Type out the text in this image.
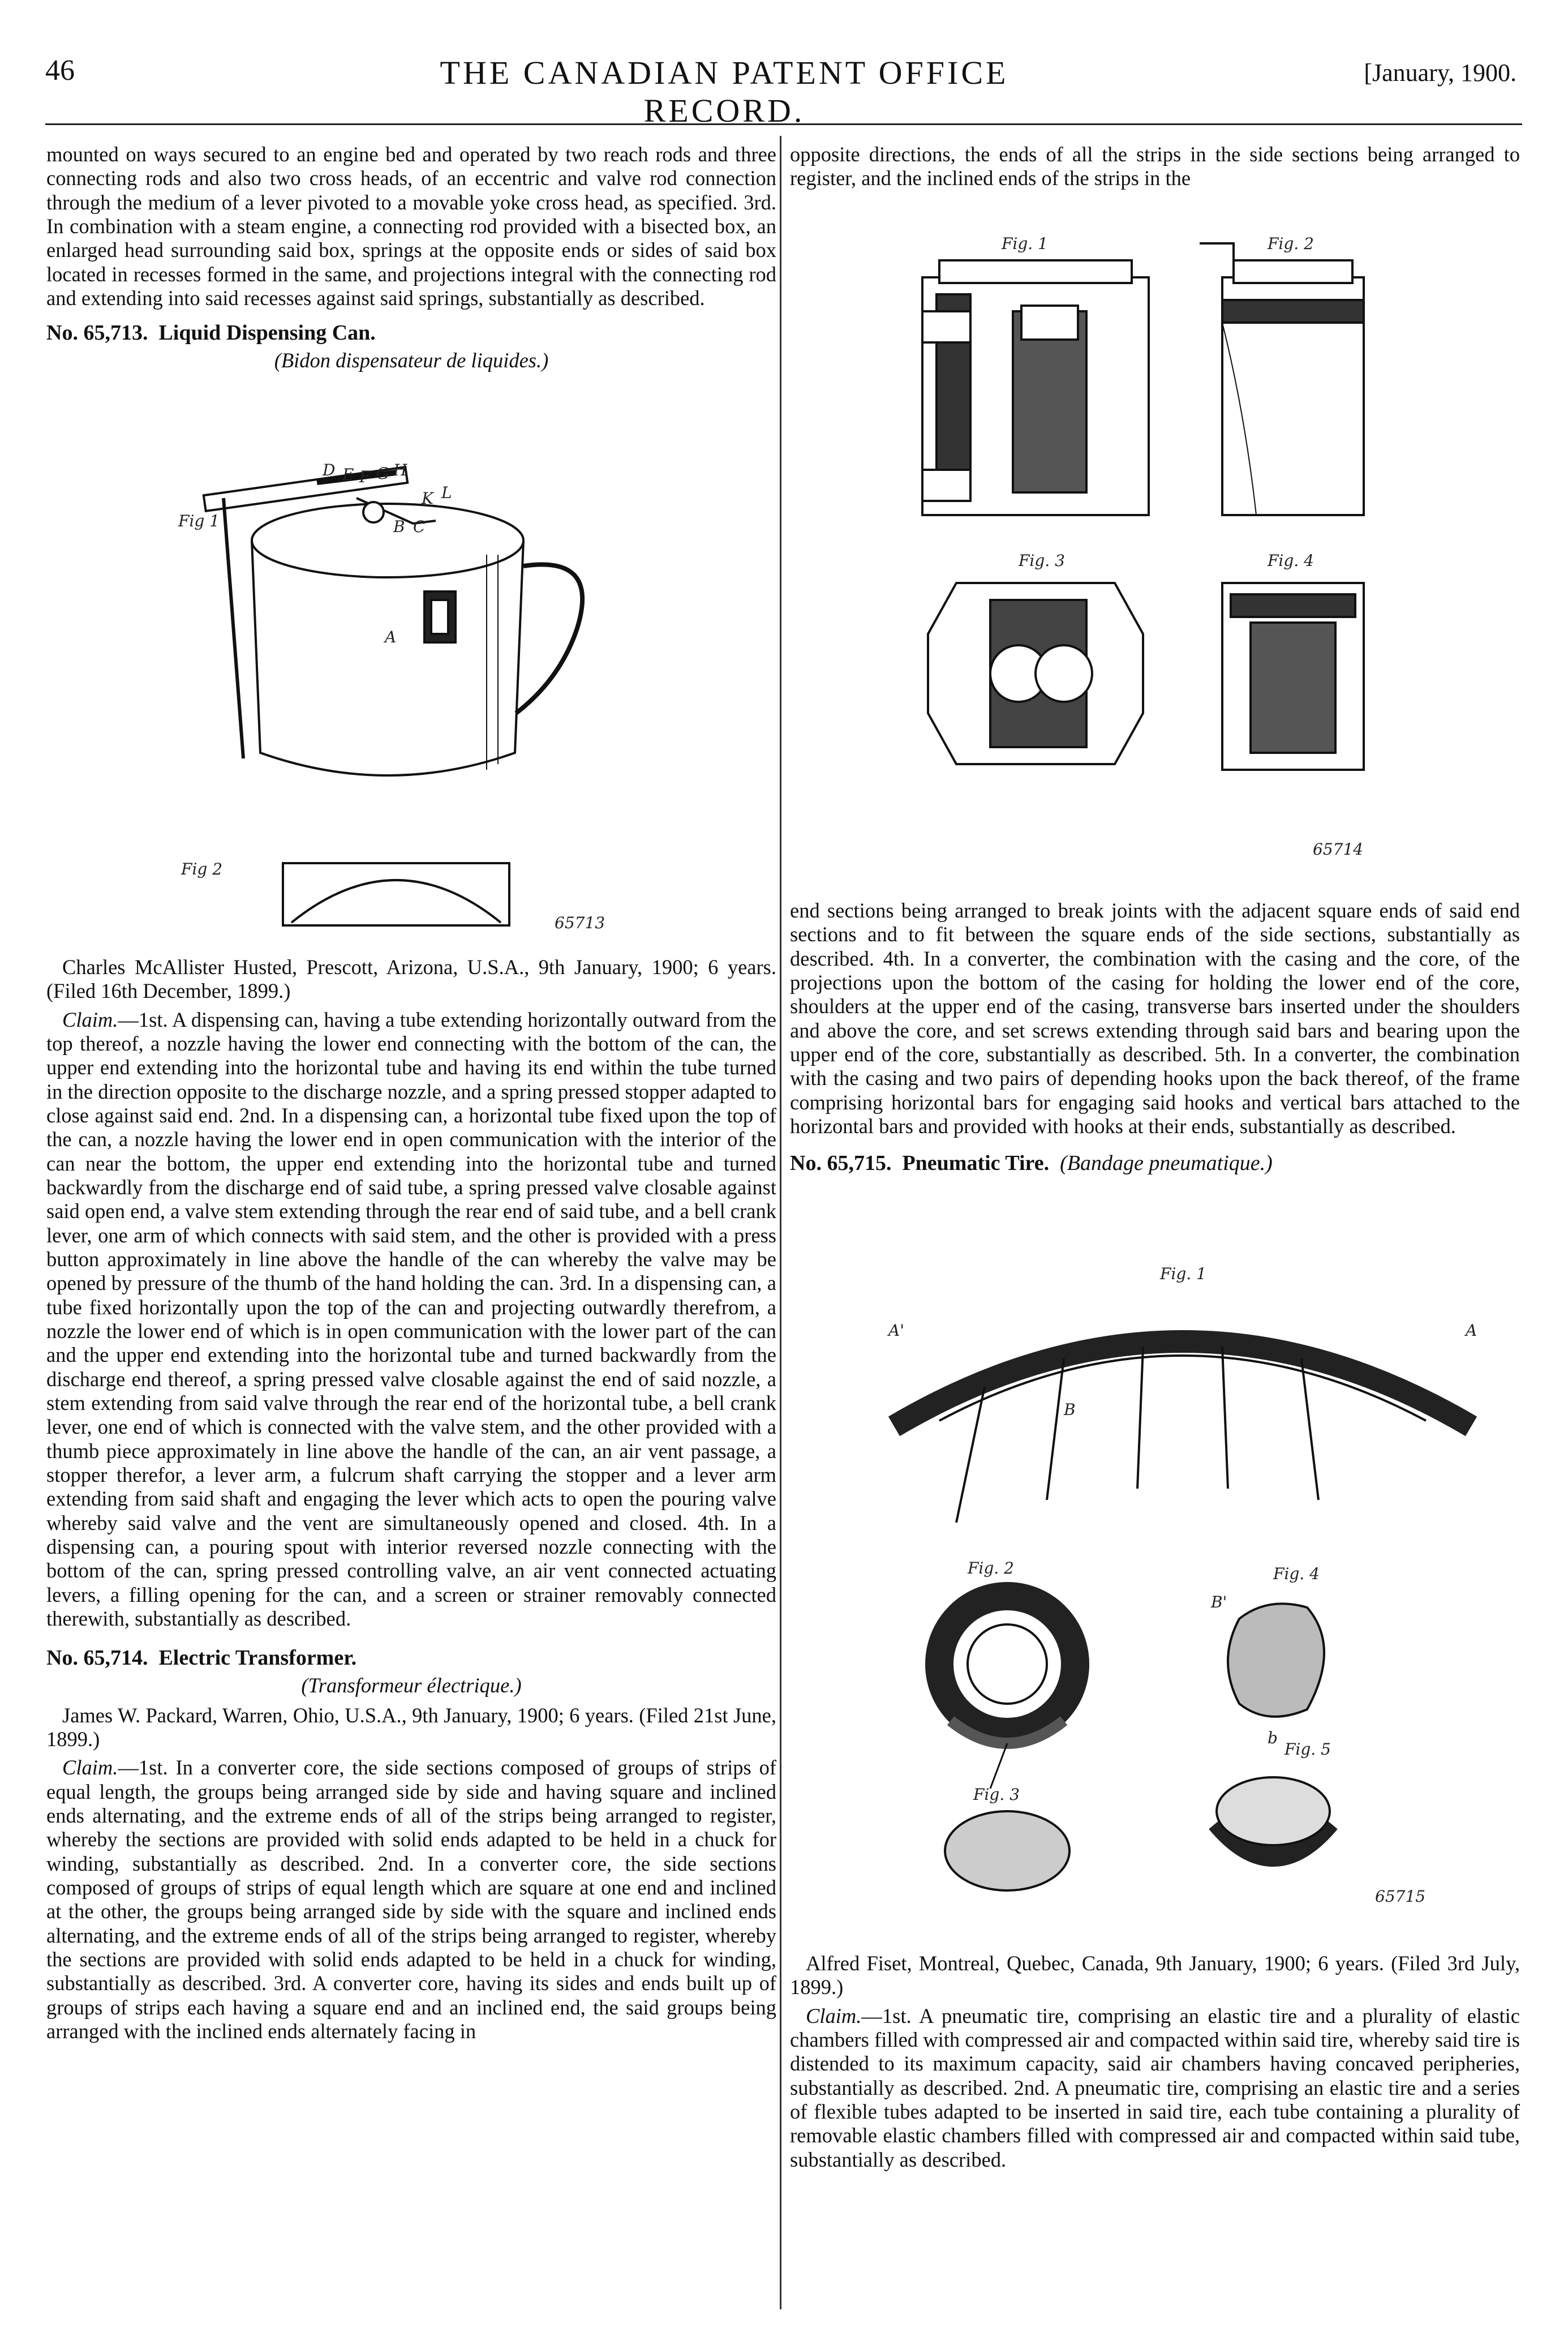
46	THE CANADIAN PATENT OFFICE RECORD.
[January, 1900.

mounted on ways secured to an engine bed and operated by two reach rods and three connecting rods and also two cross heads, of an eccentric and valve rod connection through the medium of a lever pivoted to a movable yoke cross head, as specified. 3rd. In combination with a steam engine, a connecting rod provided with a bisected box, an enlarged head surrounding said box, springs at the opposite ends or sides of said box located in recesses formed in the same, and projections integral with the connecting rod and extending into said recesses against said springs, substantially as described.

No. 65,713. Liquid Dispensing Can.
(Bidon dispensateur de liquides.)
D E F G H
K L
B C
A
Fig 1
Fig 2
65713

Charles McAllister Husted, Prescott, Arizona, U.S.A., 9th January, 1900; 6 years. (Filed 16th December, 1899.)

Claim.—1st. A dispensing can, having a tube extending horizontally outward from the top thereof, a nozzle having the lower end connecting with the bottom of the can, the upper end extending into the horizontal tube and having its end within the tube turned in the direction opposite to the discharge nozzle, and a spring pressed stopper adapted to close against said end. 2nd. In a dispensing can, a horizontal tube fixed upon the top of the can, a nozzle having the lower end in open communication with the interior of the can near the bottom, the upper end extending into the horizontal tube and turned backwardly from the discharge end of said tube, a spring pressed valve closable against said open end, a valve stem extending through the rear end of said tube, and a bell crank lever, one arm of which connects with said stem, and the other is provided with a press button approximately in line above the handle of the can whereby the valve may be opened by pressure of the thumb of the hand holding the can. 3rd. In a dispensing can, a tube fixed horizontally upon the top of the can and projecting outwardly therefrom, a nozzle the lower end of which is in open communication with the lower part of the can and the upper end extending into the horizontal tube and turned backwardly from the discharge end thereof, a spring pressed valve closable against the end of said nozzle, a stem extending from said valve through the rear end of the horizontal tube, a bell crank lever, one end of which is connected with the valve stem, and the other provided with a thumb piece approximately in line above the handle of the can, an air vent passage, a stopper therefor, a lever arm, a fulcrum shaft carrying the stopper and a lever arm extending from said shaft and engaging the lever which acts to open the pouring valve whereby said valve and the vent are simultaneously opened and closed. 4th. In a dispensing can, a pouring spout with interior reversed nozzle connecting with the bottom of the can, spring pressed controlling valve, an air vent connected actuating levers, a filling opening for the can, and a screen or strainer removably connected therewith, substantially as described.

No. 65,714. Electric Transformer.
(Transformeur électrique.)

James W. Packard, Warren, Ohio, U.S.A., 9th January, 1900; 6 years. (Filed 21st June, 1899.)

Claim.—1st. In a converter core, the side sections composed of groups of strips of equal length, the groups being arranged side by side and having square and inclined ends alternating, and the extreme ends of all of the strips being arranged to register, whereby the sections are provided with solid ends adapted to be held in a chuck for winding, substantially as described. 2nd. In a converter core, the side sections composed of groups of strips of equal length which are square at one end and inclined at the other, the groups being arranged side by side with the square and inclined ends alternating, and the extreme ends of all of the strips being arranged to register, whereby the sections are provided with solid ends adapted to be held in a chuck for winding, substantially as described. 3rd. A converter core, having its sides and ends built up of groups of strips each having a square end and an inclined end, the said groups being arranged with the inclined ends alternately facing in

opposite directions, the ends of all the strips in the side sections being arranged to register, and the inclined ends of the strips in the

Fig. 1	Fig. 2
Fig. 3	Fig. 4
65714

end sections being arranged to break joints with the adjacent square ends of said end sections and to fit between the square ends of the side sections, substantially as described. 4th. In a converter, the combination with the casing and the core, of the projections upon the bottom of the casing for holding the lower end of the core, shoulders at the upper end of the casing, transverse bars inserted under the shoulders and above the core, and set screws extending through said bars and bearing upon the upper end of the core, substantially as described. 5th. In a converter, the combination with the casing and two pairs of depending hooks upon the back thereof, of the frame comprising horizontal bars for engaging said hooks and vertical bars attached to the horizontal bars and provided with hooks at their ends, substantially as described.

No. 65,715. Pneumatic Tire. (Bandage pneumatique.)
Fig. 1
Fig. 2
Fig. 3
Fig. 4
Fig. 5
A'	A
B
B'
b
65715

Alfred Fiset, Montreal, Quebec, Canada, 9th January, 1900; 6 years. (Filed 3rd July, 1899.)

Claim.—1st. A pneumatic tire, comprising an elastic tire and a plurality of elastic chambers filled with compressed air and compacted within said tire, whereby said tire is distended to its maximum capacity, said air chambers having concaved peripheries, substantially as described. 2nd. A pneumatic tire, comprising an elastic tire and a series of flexible tubes adapted to be inserted in said tire, each tube containing a plurality of removable elastic chambers filled with compressed air and compacted within said tube, substantially as described.
